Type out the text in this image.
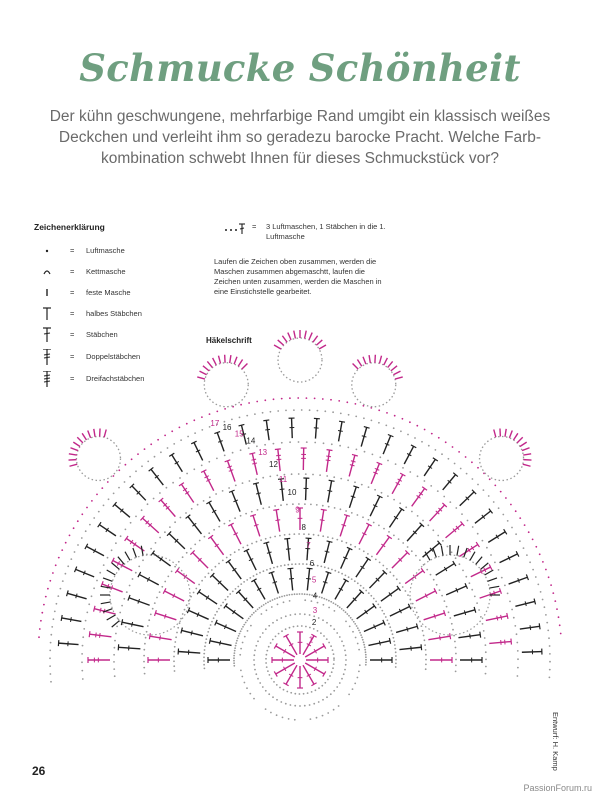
Schmucke Schönheit
Der kühn geschwungene, mehrfarbige Rand umgibt ein klassisch weißes Deckchen und verleiht ihm so geradezu barocke Pracht. Welche Farb-kombination schwebt Ihnen für dieses Schmuckstück vor?
Zeichenerklärung
= Luftmasche
= Kettmasche
= feste Masche
= halbes Stäbchen
= Stäbchen
= Doppelstäbchen
= Dreifachstäbchen
= 3 Luftmaschen, 1 Stäbchen in die 1. Luftmasche
Laufen die Zeichen oben zusammen, werden die Maschen zusammen abgemaschtt, laufen die Zeichen unten zusammen, werden die Maschen in eine Einstichstelle gearbeitet.
Häkelschrift
1
2
3
4
5
6
7
8
9
10
11
12
13
14
15
16
17
26
Entwurf: H. Kamp
PassionForum.ru
